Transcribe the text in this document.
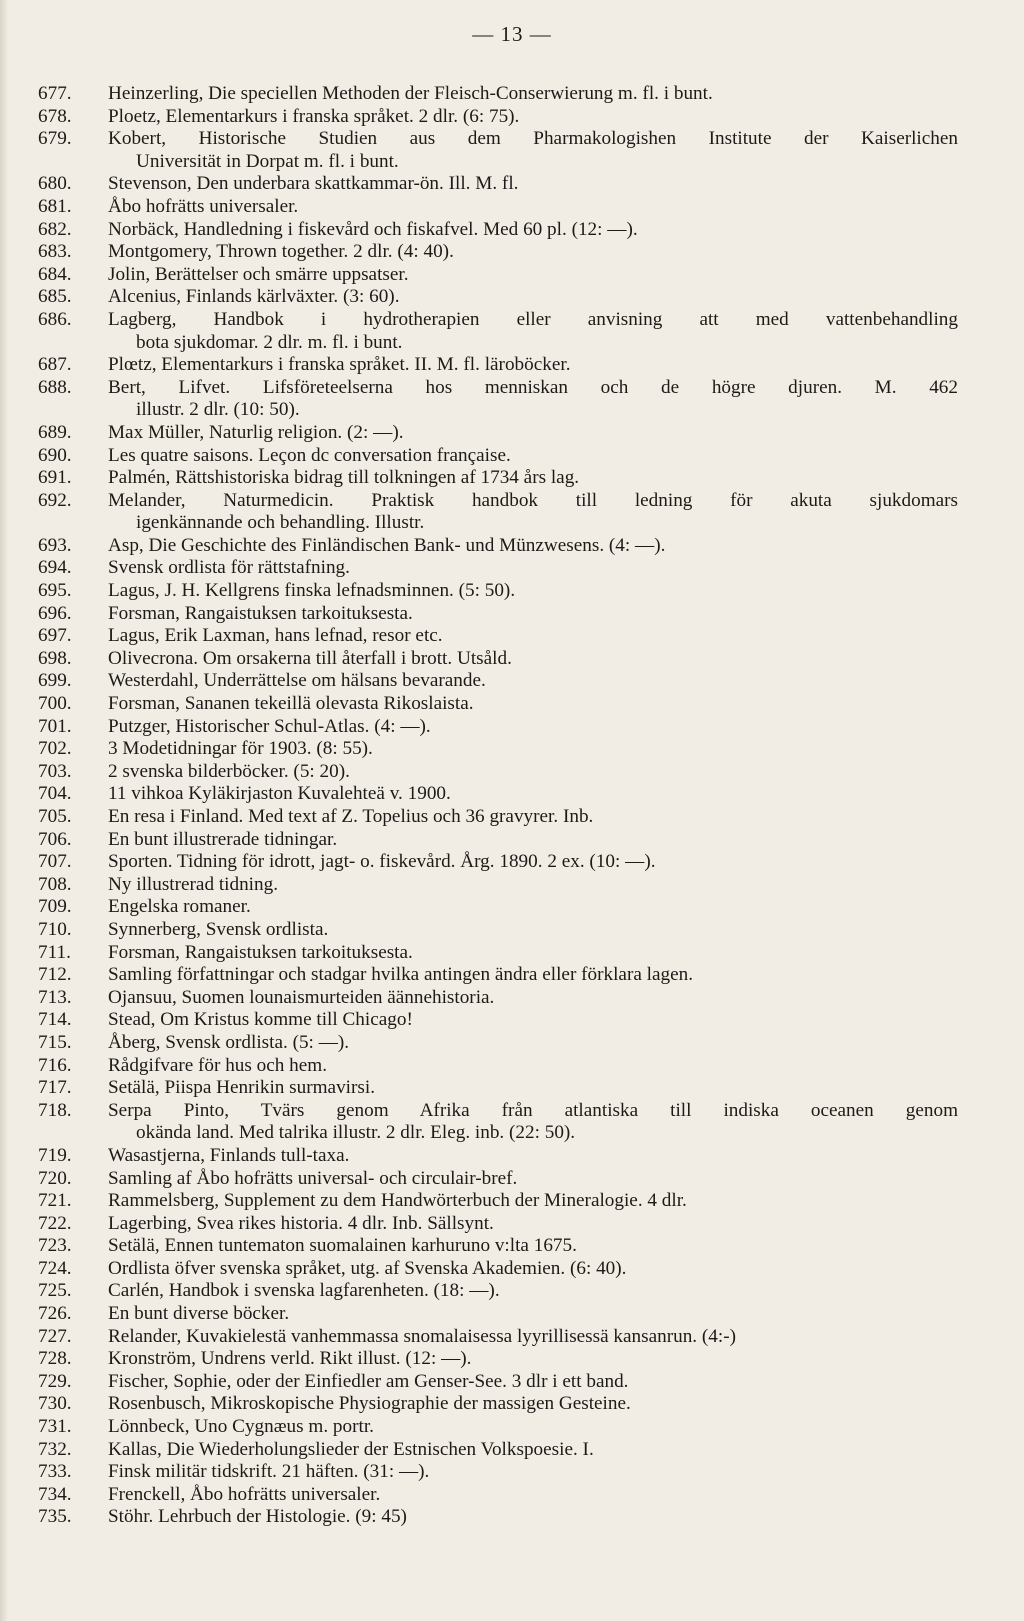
— 13 —
677.	Heinzerling, Die speciellen Methoden der Fleisch-Conserwierung m. fl. i bunt.
678.	Ploetz, Elementarkurs i franska språket. 2 dlr. (6: 75).
679.	Kobert, Historische Studien aus dem Pharmakologishen Institute der Kaiserlichen
Universität in Dorpat m. fl. i bunt.
680.	Stevenson, Den underbara skattkammar-ön. Ill. M. fl.
681.	Åbo hofrätts universaler.
682.	Norbäck, Handledning i fiskevård och fiskafvel. Med 60 pl. (12: —).
683.	Montgomery, Thrown together. 2 dlr. (4: 40).
684.	Jolin, Berättelser och smärre uppsatser.
685.	Alcenius, Finlands kärlväxter. (3: 60).
686.	Lagberg, Handbok i hydrotherapien eller anvisning att med vattenbehandling
bota sjukdomar. 2 dlr. m. fl. i bunt.
687.	Plœtz, Elementarkurs i franska språket. II. M. fl. läroböcker.
688.	Bert, Lifvet. Lifsföreteelserna hos menniskan och de högre djuren. M. 462
illustr. 2 dlr. (10: 50).
689.	Max Müller, Naturlig religion. (2: —).
690.	Les quatre saisons. Leçon dc conversation française.
691.	Palmén, Rättshistoriska bidrag till tolkningen af 1734 års lag.
692.	Melander, Naturmedicin. Praktisk handbok till ledning för akuta sjukdomars
igenkännande och behandling. Illustr.
693.	Asp, Die Geschichte des Finländischen Bank- und Münzwesens. (4: —).
694.	Svensk ordlista för rättstafning.
695.	Lagus, J. H. Kellgrens finska lefnadsminnen. (5: 50).
696.	Forsman, Rangaistuksen tarkoituksesta.
697.	Lagus, Erik Laxman, hans lefnad, resor etc.
698.	Olivecrona. Om orsakerna till återfall i brott. Utsåld.
699.	Westerdahl, Underrättelse om hälsans bevarande.
700.	Forsman, Sananen tekeillä olevasta Rikoslaista.
701.	Putzger, Historischer Schul-Atlas. (4: —).
702.	3 Modetidningar för 1903. (8: 55).
703.	2 svenska bilderböcker. (5: 20).
704.	11 vihkoa Kyläkirjaston Kuvalehteä v. 1900.
705.	En resa i Finland. Med text af Z. Topelius och 36 gravyrer. Inb.
706.	En bunt illustrerade tidningar.
707.	Sporten. Tidning för idrott, jagt- o. fiskevård. Årg. 1890. 2 ex. (10: —).
708.	Ny illustrerad tidning.
709.	Engelska romaner.
710.	Synnerberg, Svensk ordlista.
711.	Forsman, Rangaistuksen tarkoituksesta.
712.	Samling författningar och stadgar hvilka antingen ändra eller förklara lagen.
713.	Ojansuu, Suomen lounaismurteiden äännehistoria.
714.	Stead, Om Kristus komme till Chicago!
715.	Åberg, Svensk ordlista. (5: —).
716.	Rådgifvare för hus och hem.
717.	Setälä, Piispa Henrikin surmavirsi.
718.	Serpa Pinto, Tvärs genom Afrika från atlantiska till indiska oceanen genom
okända land. Med talrika illustr. 2 dlr. Eleg. inb. (22: 50).
719.	Wasastjerna, Finlands tull-taxa.
720.	Samling af Åbo hofrätts universal- och circulair-bref.
721.	Rammelsberg, Supplement zu dem Handwörterbuch der Mineralogie. 4 dlr.
722.	Lagerbing, Svea rikes historia. 4 dlr. Inb. Sällsynt.
723.	Setälä, Ennen tuntematon suomalainen karhuruno v:lta 1675.
724.	Ordlista öfver svenska språket, utg. af Svenska Akademien. (6: 40).
725.	Carlén, Handbok i svenska lagfarenheten. (18: —).
726.	En bunt diverse böcker.
727.	Relander, Kuvakielestä vanhemmassa snomalaisessa lyyrillisessä kansanrun. (4:-)
728.	Kronström, Undrens verld. Rikt illust. (12: —).
729.	Fischer, Sophie, oder der Einfiedler am Genser-See. 3 dlr i ett band.
730.	Rosenbusch, Mikroskopische Physiographie der massigen Gesteine.
731.	Lönnbeck, Uno Cygnæus m. portr.
732.	Kallas, Die Wiederholungslieder der Estnischen Volkspoesie. I.
733.	Finsk militär tidskrift. 21 häften. (31: —).
734.	Frenckell, Åbo hofrätts universaler.
735.	Stöhr. Lehrbuch der Histologie. (9: 45)
